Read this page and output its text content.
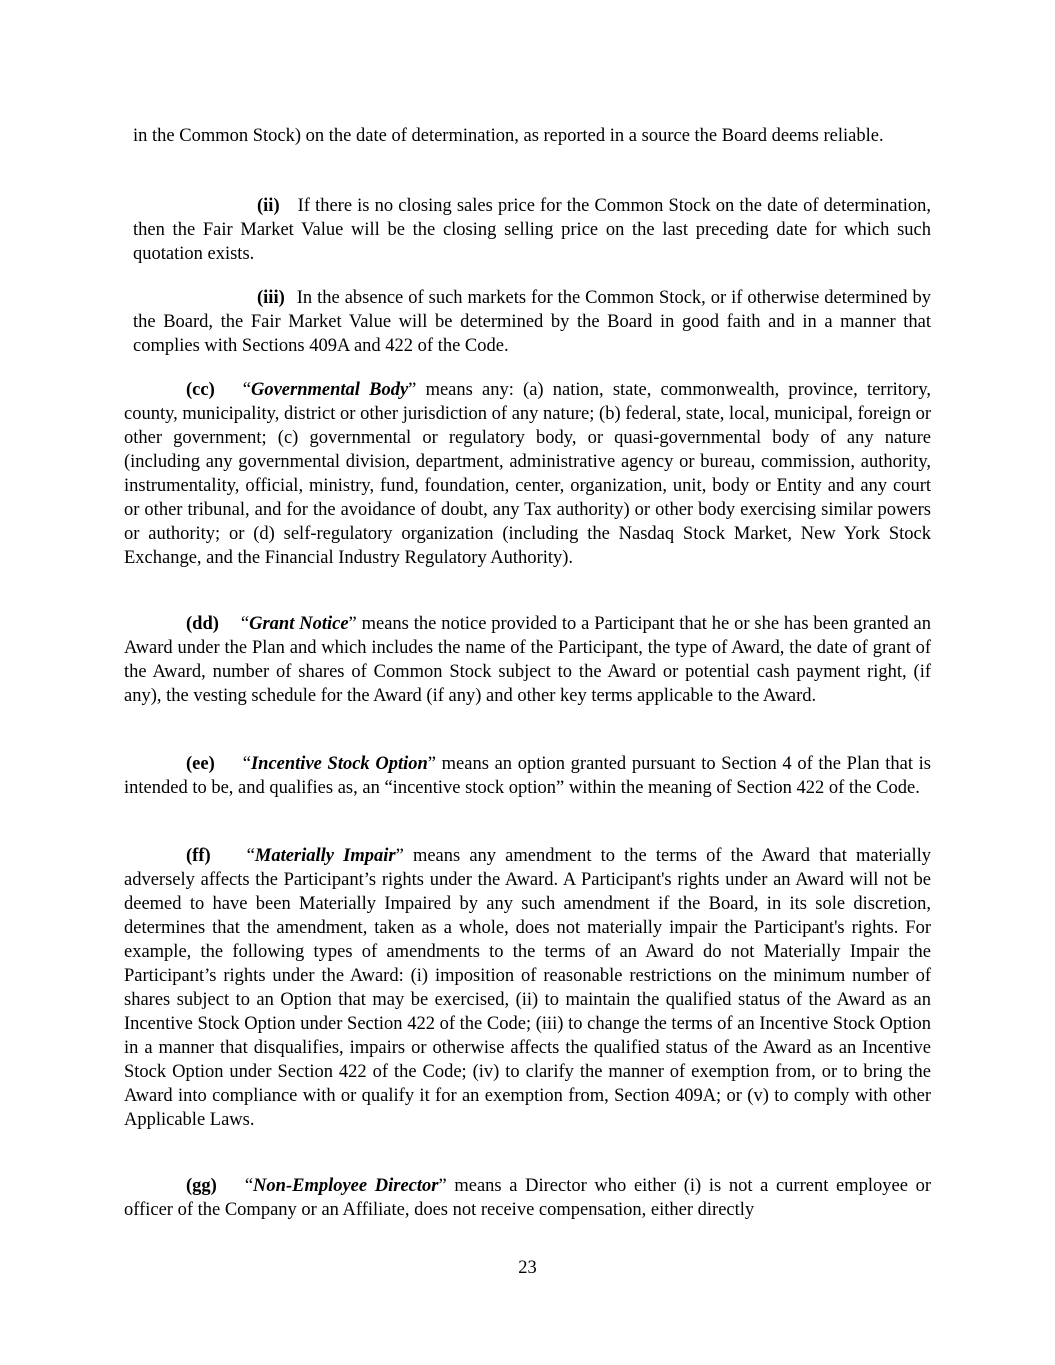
in the Common Stock) on the date of determination, as reported in a source the Board deems reliable.

(ii) If there is no closing sales price for the Common Stock on the date of determination, then the Fair Market Value will be the closing selling price on the last preceding date for which such quotation exists.

(iii) In the absence of such markets for the Common Stock, or if otherwise determined by the Board, the Fair Market Value will be determined by the Board in good faith and in a manner that complies with Sections 409A and 422 of the Code.

(cc) “Governmental Body” means any: (a) nation, state, commonwealth, province, territory, county, municipality, district or other jurisdiction of any nature; (b) federal, state, local, municipal, foreign or other government; (c) governmental or regulatory body, or quasi-governmental body of any nature (including any governmental division, department, administrative agency or bureau, commission, authority, instrumentality, official, ministry, fund, foundation, center, organization, unit, body or Entity and any court or other tribunal, and for the avoidance of doubt, any Tax authority) or other body exercising similar powers or authority; or (d) self-regulatory organization (including the Nasdaq Stock Market, New York Stock Exchange, and the Financial Industry Regulatory Authority).

(dd) “Grant Notice” means the notice provided to a Participant that he or she has been granted an Award under the Plan and which includes the name of the Participant, the type of Award, the date of grant of the Award, number of shares of Common Stock subject to the Award or potential cash payment right, (if any), the vesting schedule for the Award (if any) and other key terms applicable to the Award.

(ee) “Incentive Stock Option” means an option granted pursuant to Section 4 of the Plan that is intended to be, and qualifies as, an “incentive stock option” within the meaning of Section 422 of the Code.

(ff) “Materially Impair” means any amendment to the terms of the Award that materially adversely affects the Participant’s rights under the Award. A Participant's rights under an Award will not be deemed to have been Materially Impaired by any such amendment if the Board, in its sole discretion, determines that the amendment, taken as a whole, does not materially impair the Participant's rights. For example, the following types of amendments to the terms of an Award do not Materially Impair the Participant’s rights under the Award: (i) imposition of reasonable restrictions on the minimum number of shares subject to an Option that may be exercised, (ii) to maintain the qualified status of the Award as an Incentive Stock Option under Section 422 of the Code; (iii) to change the terms of an Incentive Stock Option in a manner that disqualifies, impairs or otherwise affects the qualified status of the Award as an Incentive Stock Option under Section 422 of the Code; (iv) to clarify the manner of exemption from, or to bring the Award into compliance with or qualify it for an exemption from, Section 409A; or (v) to comply with other Applicable Laws.

(gg) “Non-Employee Director” means a Director who either (i) is not a current employee or officer of the Company or an Affiliate, does not receive compensation, either directly

23
